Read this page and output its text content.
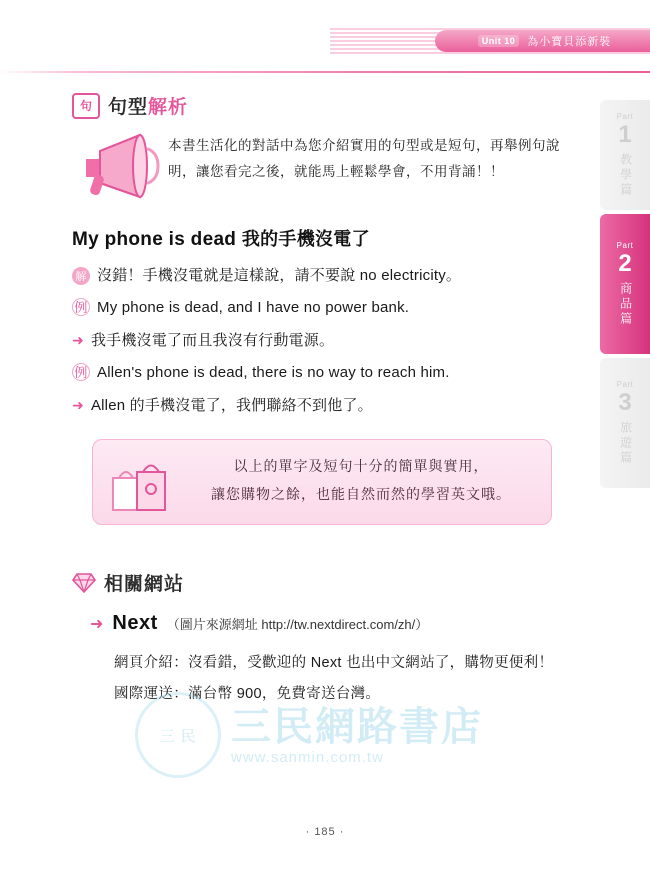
Unit 10	為小寶貝添新裝
Part
1
教學篇
Part
2
商品篇
Part
3
旅遊篇
句 句型解析
本書生活化的對話中為您介紹實用的句型或是短句，再舉例句說明，讓您看完之後，就能馬上輕鬆學會，不用背誦！！
My phone is dead 我的手機沒電了
解 沒錯！手機沒電就是這樣說，請不要說 no electricity。
例 My phone is dead, and I have no power bank.
➜ 我手機沒電了而且我沒有行動電源。
例 Allen's phone is dead, there is no way to reach him.
➜ Allen 的手機沒電了，我們聯絡不到他了。
以上的單字及短句十分的簡單與實用，
讓您購物之餘，也能自然而然的學習英文哦。
相關網站
➜ Next （圖片來源網址 http://tw.nextdirect.com/zh/）
網頁介紹：沒看錯，受歡迎的 Next 也出中文網站了，購物更便利！
國際運送：滿台幣 900，免費寄送台灣。
三 民 三民網路書店
www.sanmin.com.tw
· 185 ·
